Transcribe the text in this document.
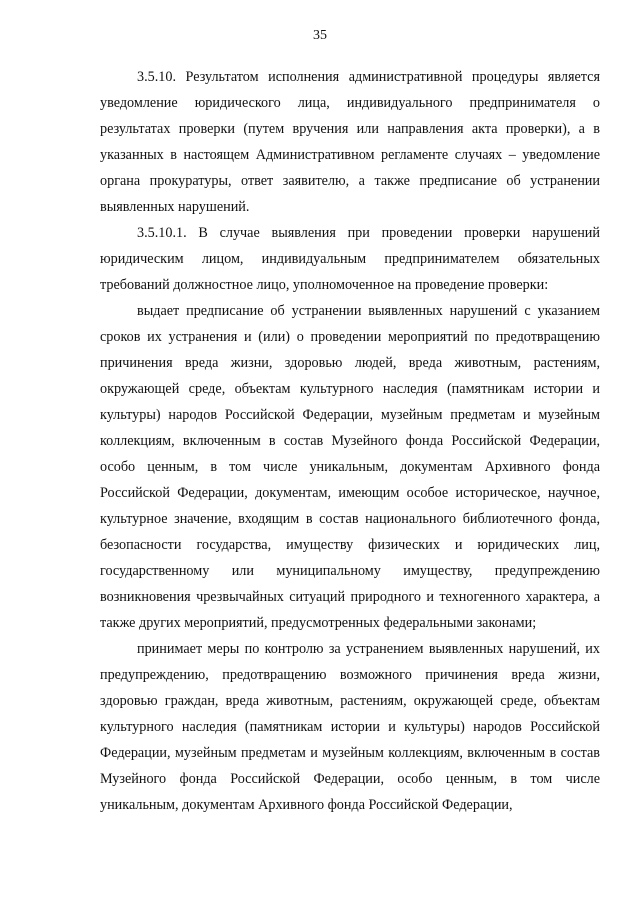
35

3.5.10. Результатом исполнения административной процедуры является уведомление юридического лица, индивидуального предпринимателя о результатах проверки (путем вручения или направления акта проверки), а в указанных в настоящем Административном регламенте случаях – уведомление органа прокуратуры, ответ заявителю, а также предписание об устранении выявленных нарушений.

3.5.10.1. В случае выявления при проведении проверки нарушений юридическим лицом, индивидуальным предпринимателем обязательных требований должностное лицо, уполномоченное на проведение проверки:

выдает предписание об устранении выявленных нарушений с указанием сроков их устранения и (или) о проведении мероприятий по предотвращению причинения вреда жизни, здоровью людей, вреда животным, растениям, окружающей среде, объектам культурного наследия (памятникам истории и культуры) народов Российской Федерации, музейным предметам и музейным коллекциям, включенным в состав Музейного фонда Российской Федерации, особо ценным, в том числе уникальным, документам Архивного фонда Российской Федерации, документам, имеющим особое историческое, научное, культурное значение, входящим в состав национального библиотечного фонда, безопасности государства, имуществу физических и юридических лиц, государственному или муниципальному имуществу, предупреждению возникновения чрезвычайных ситуаций природного и техногенного характера, а также других мероприятий, предусмотренных федеральными законами;

принимает меры по контролю за устранением выявленных нарушений, их предупреждению, предотвращению возможного причинения вреда жизни, здоровью граждан, вреда животным, растениям, окружающей среде, объектам культурного наследия (памятникам истории и культуры) народов Российской Федерации, музейным предметам и музейным коллекциям, включенным в состав Музейного фонда Российской Федерации, особо ценным, в том числе уникальным, документам Архивного фонда Российской Федерации,
